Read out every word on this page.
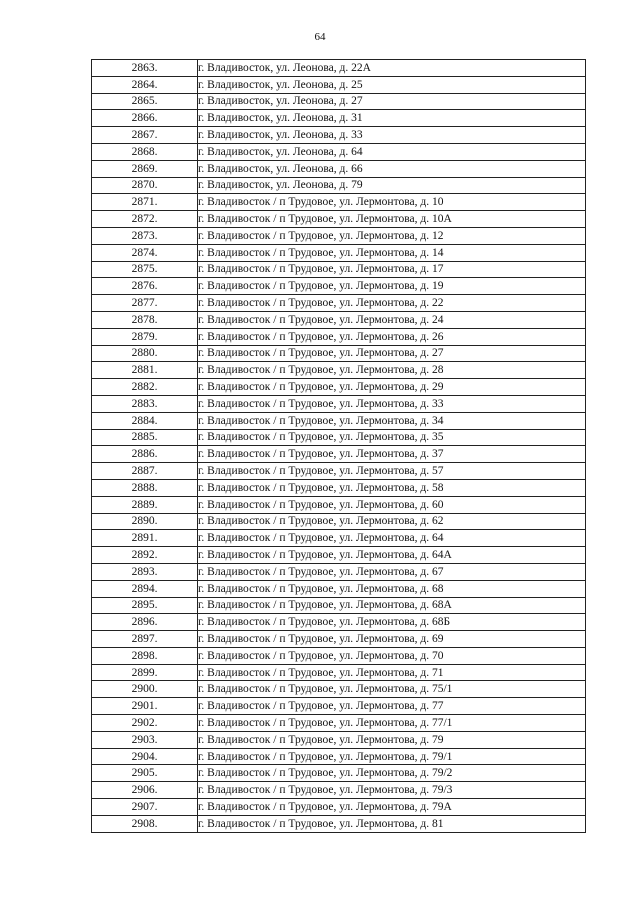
64
2863.	г. Владивосток, ул. Леонова, д. 22А
2864.	г. Владивосток, ул. Леонова, д. 25
2865.	г. Владивосток, ул. Леонова, д. 27
2866.	г. Владивосток, ул. Леонова, д. 31
2867.	г. Владивосток, ул. Леонова, д. 33
2868.	г. Владивосток, ул. Леонова, д. 64
2869.	г. Владивосток, ул. Леонова, д. 66
2870.	г. Владивосток, ул. Леонова, д. 79
2871.	г. Владивосток / п Трудовое, ул. Лермонтова, д. 10
2872.	г. Владивосток / п Трудовое, ул. Лермонтова, д. 10А
2873.	г. Владивосток / п Трудовое, ул. Лермонтова, д. 12
2874.	г. Владивосток / п Трудовое, ул. Лермонтова, д. 14
2875.	г. Владивосток / п Трудовое, ул. Лермонтова, д. 17
2876.	г. Владивосток / п Трудовое, ул. Лермонтова, д. 19
2877.	г. Владивосток / п Трудовое, ул. Лермонтова, д. 22
2878.	г. Владивосток / п Трудовое, ул. Лермонтова, д. 24
2879.	г. Владивосток / п Трудовое, ул. Лермонтова, д. 26
2880.	г. Владивосток / п Трудовое, ул. Лермонтова, д. 27
2881.	г. Владивосток / п Трудовое, ул. Лермонтова, д. 28
2882.	г. Владивосток / п Трудовое, ул. Лермонтова, д. 29
2883.	г. Владивосток / п Трудовое, ул. Лермонтова, д. 33
2884.	г. Владивосток / п Трудовое, ул. Лермонтова, д. 34
2885.	г. Владивосток / п Трудовое, ул. Лермонтова, д. 35
2886.	г. Владивосток / п Трудовое, ул. Лермонтова, д. 37
2887.	г. Владивосток / п Трудовое, ул. Лермонтова, д. 57
2888.	г. Владивосток / п Трудовое, ул. Лермонтова, д. 58
2889.	г. Владивосток / п Трудовое, ул. Лермонтова, д. 60
2890.	г. Владивосток / п Трудовое, ул. Лермонтова, д. 62
2891.	г. Владивосток / п Трудовое, ул. Лермонтова, д. 64
2892.	г. Владивосток / п Трудовое, ул. Лермонтова, д. 64А
2893.	г. Владивосток / п Трудовое, ул. Лермонтова, д. 67
2894.	г. Владивосток / п Трудовое, ул. Лермонтова, д. 68
2895.	г. Владивосток / п Трудовое, ул. Лермонтова, д. 68А
2896.	г. Владивосток / п Трудовое, ул. Лермонтова, д. 68Б
2897.	г. Владивосток / п Трудовое, ул. Лермонтова, д. 69
2898.	г. Владивосток / п Трудовое, ул. Лермонтова, д. 70
2899.	г. Владивосток / п Трудовое, ул. Лермонтова, д. 71
2900.	г. Владивосток / п Трудовое, ул. Лермонтова, д. 75/1
2901.	г. Владивосток / п Трудовое, ул. Лермонтова, д. 77
2902.	г. Владивосток / п Трудовое, ул. Лермонтова, д. 77/1
2903.	г. Владивосток / п Трудовое, ул. Лермонтова, д. 79
2904.	г. Владивосток / п Трудовое, ул. Лермонтова, д. 79/1
2905.	г. Владивосток / п Трудовое, ул. Лермонтова, д. 79/2
2906.	г. Владивосток / п Трудовое, ул. Лермонтова, д. 79/3
2907.	г. Владивосток / п Трудовое, ул. Лермонтова, д. 79А
2908.	г. Владивосток / п Трудовое, ул. Лермонтова, д. 81
